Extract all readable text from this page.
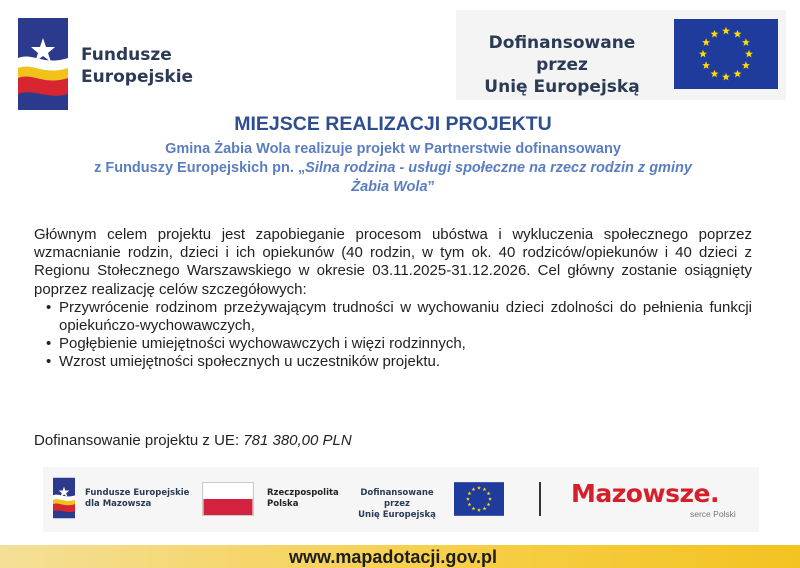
Fundusze
Europejskie
Dofinansowane przez
Unię Europejską
MIEJSCE REALIZACJI PROJEKTU
Gmina Żabia Wola realizuje projekt w Partnerstwie dofinansowany
z Funduszy Europejskich pn. „Silna rodzina - usługi społeczne na rzecz rodzin z gminy
Żabia Wola”

Głównym celem projektu jest zapobieganie procesom ubóstwa i wykluczenia społecznego poprzez wzmacnianie rodzin, dzieci i ich opiekunów (40 rodzin, w tym ok. 40 rodziców/opiekunów i 40 dzieci z Regionu Stołecznego Warszawskiego w okresie 03.11.2025-31.12.2026. Cel główny zostanie osiągnięty poprzez realizację celów szczegółowych:

• Przywrócenie rodzinom przeżywającym trudności w wychowaniu dzieci zdolności do pełnienia funkcji opiekuńczo-wychowawczych,
• Pogłębienie umiejętności wychowawczych i więzi rodzinnych,
• Wzrost umiejętności społecznych u uczestników projektu.
Dofinansowanie projektu z UE: 781 380,00 PLN
Fundusze Europejskie
dla Mazowsza
Rzeczpospolita
Polska
Dofinansowane przez
Unię Europejską
Mazowsze.
serce Polski
www.mapadotacji.gov.pl
